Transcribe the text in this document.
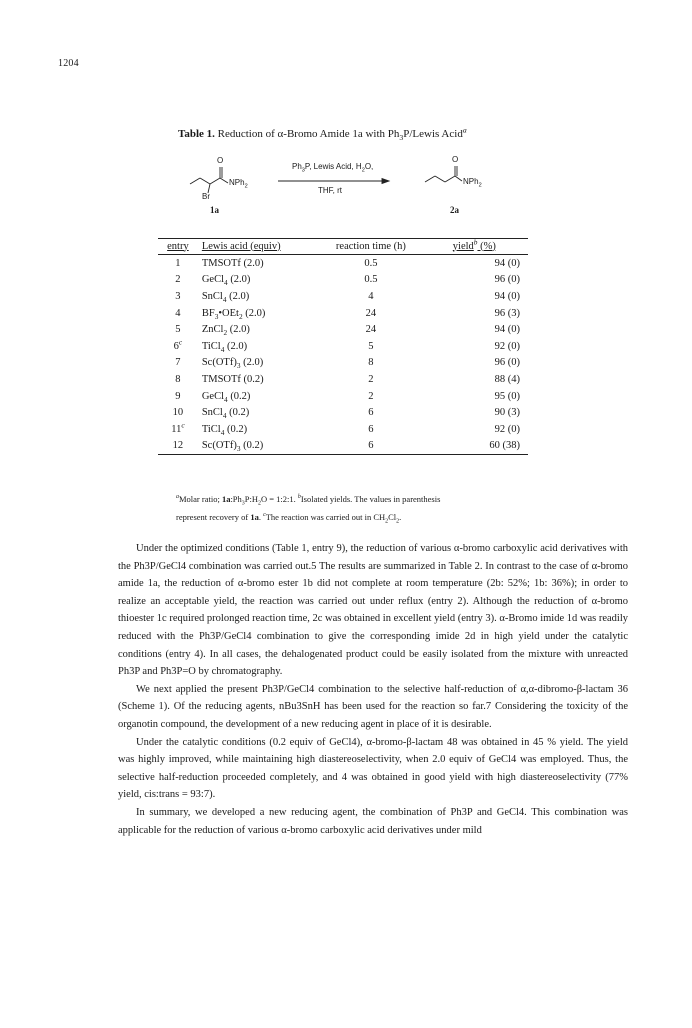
1204
Table 1. Reduction of α-Bromo Amide 1a with $Ph_3P$/Lewis Acid$^a$
O
NPh$_2$
Br
1a
$Ph_3P$, Lewis Acid, $H_2O$,
THF, rt
O
NPh$_2$
2a
entry	Lewis acid (equiv)	reaction time (h)	yield$^b$ (%)
1	TMSOTf (2.0)	0.5	94 (0)
2	GeCl$_4$ (2.0)	0.5	96 (0)
3	SnCl$_4$ (2.0)	4	94 (0)
4	$BF_3•OEt_2$ (2.0)	24	96 (3)
5	ZnCl$_2$ (2.0)	24	94 (0)
6$^c$	TiCl$_4$ (2.0)	5	92 (0)
7	$Sc(OTf)_3$ (2.0)	8	96 (0)
8	TMSOTf (0.2)	2	88 (4)
9	GeCl$_4$ (0.2)	2	95 (0)
10	SnCl$_4$ (0.2)	6	90 (3)
11$^c$	TiCl$_4$ (0.2)	6	92 (0)
12	$Sc(OTf)_3$ (0.2)	6	60 (38)
$^a$Molar ratio; $1a:Ph_3P:H_2O$ = 1:2:1. $^b$Isolated yields. The values in parenthesis
represent recovery of 1a. $^c$The reaction was carried out in $CH_2Cl_2$.

Under the optimized conditions (Table 1, entry 9), the reduction of various α-bromo carboxylic acid derivatives with the Ph3P/GeCl4 combination was carried out.5 The results are summarized in Table 2. In contrast to the case of α-bromo amide 1a, the reduction of α-bromo ester 1b did not complete at room temperature (2b: 52%; 1b: 36%); in order to realize an acceptable yield, the reaction was carried out under reflux (entry 2). Although the reduction of α-bromo thioester 1c required prolonged reaction time, 2c was obtained in excellent yield (entry 3). α-Bromo imide 1d was readily reduced with the Ph3P/GeCl4 combination to give the corresponding imide 2d in high yield under the catalytic conditions (entry 4). In all cases, the dehalogenated product could be easily isolated from the mixture with unreacted Ph3P and Ph3P=O by chromatography.

We next applied the present Ph3P/GeCl4 combination to the selective half-reduction of α,α-dibromo-β-lactam 36 (Scheme 1). Of the reducing agents, nBu3SnH has been used for the reaction so far.7 Considering the toxicity of the organotin compound, the development of a new reducing agent in place of it is desirable.

Under the catalytic conditions (0.2 equiv of GeCl4), α-bromo-β-lactam 48 was obtained in 45 % yield. The yield was highly improved, while maintaining high diastereoselectivity, when 2.0 equiv of GeCl4 was employed. Thus, the selective half-reduction proceeded completely, and 4 was obtained in good yield with high diastereoselectivity (77% yield, cis:trans = 93:7).

In summary, we developed a new reducing agent, the combination of Ph3P and GeCl4. This combination was applicable for the reduction of various α-bromo carboxylic acid derivatives under mild
